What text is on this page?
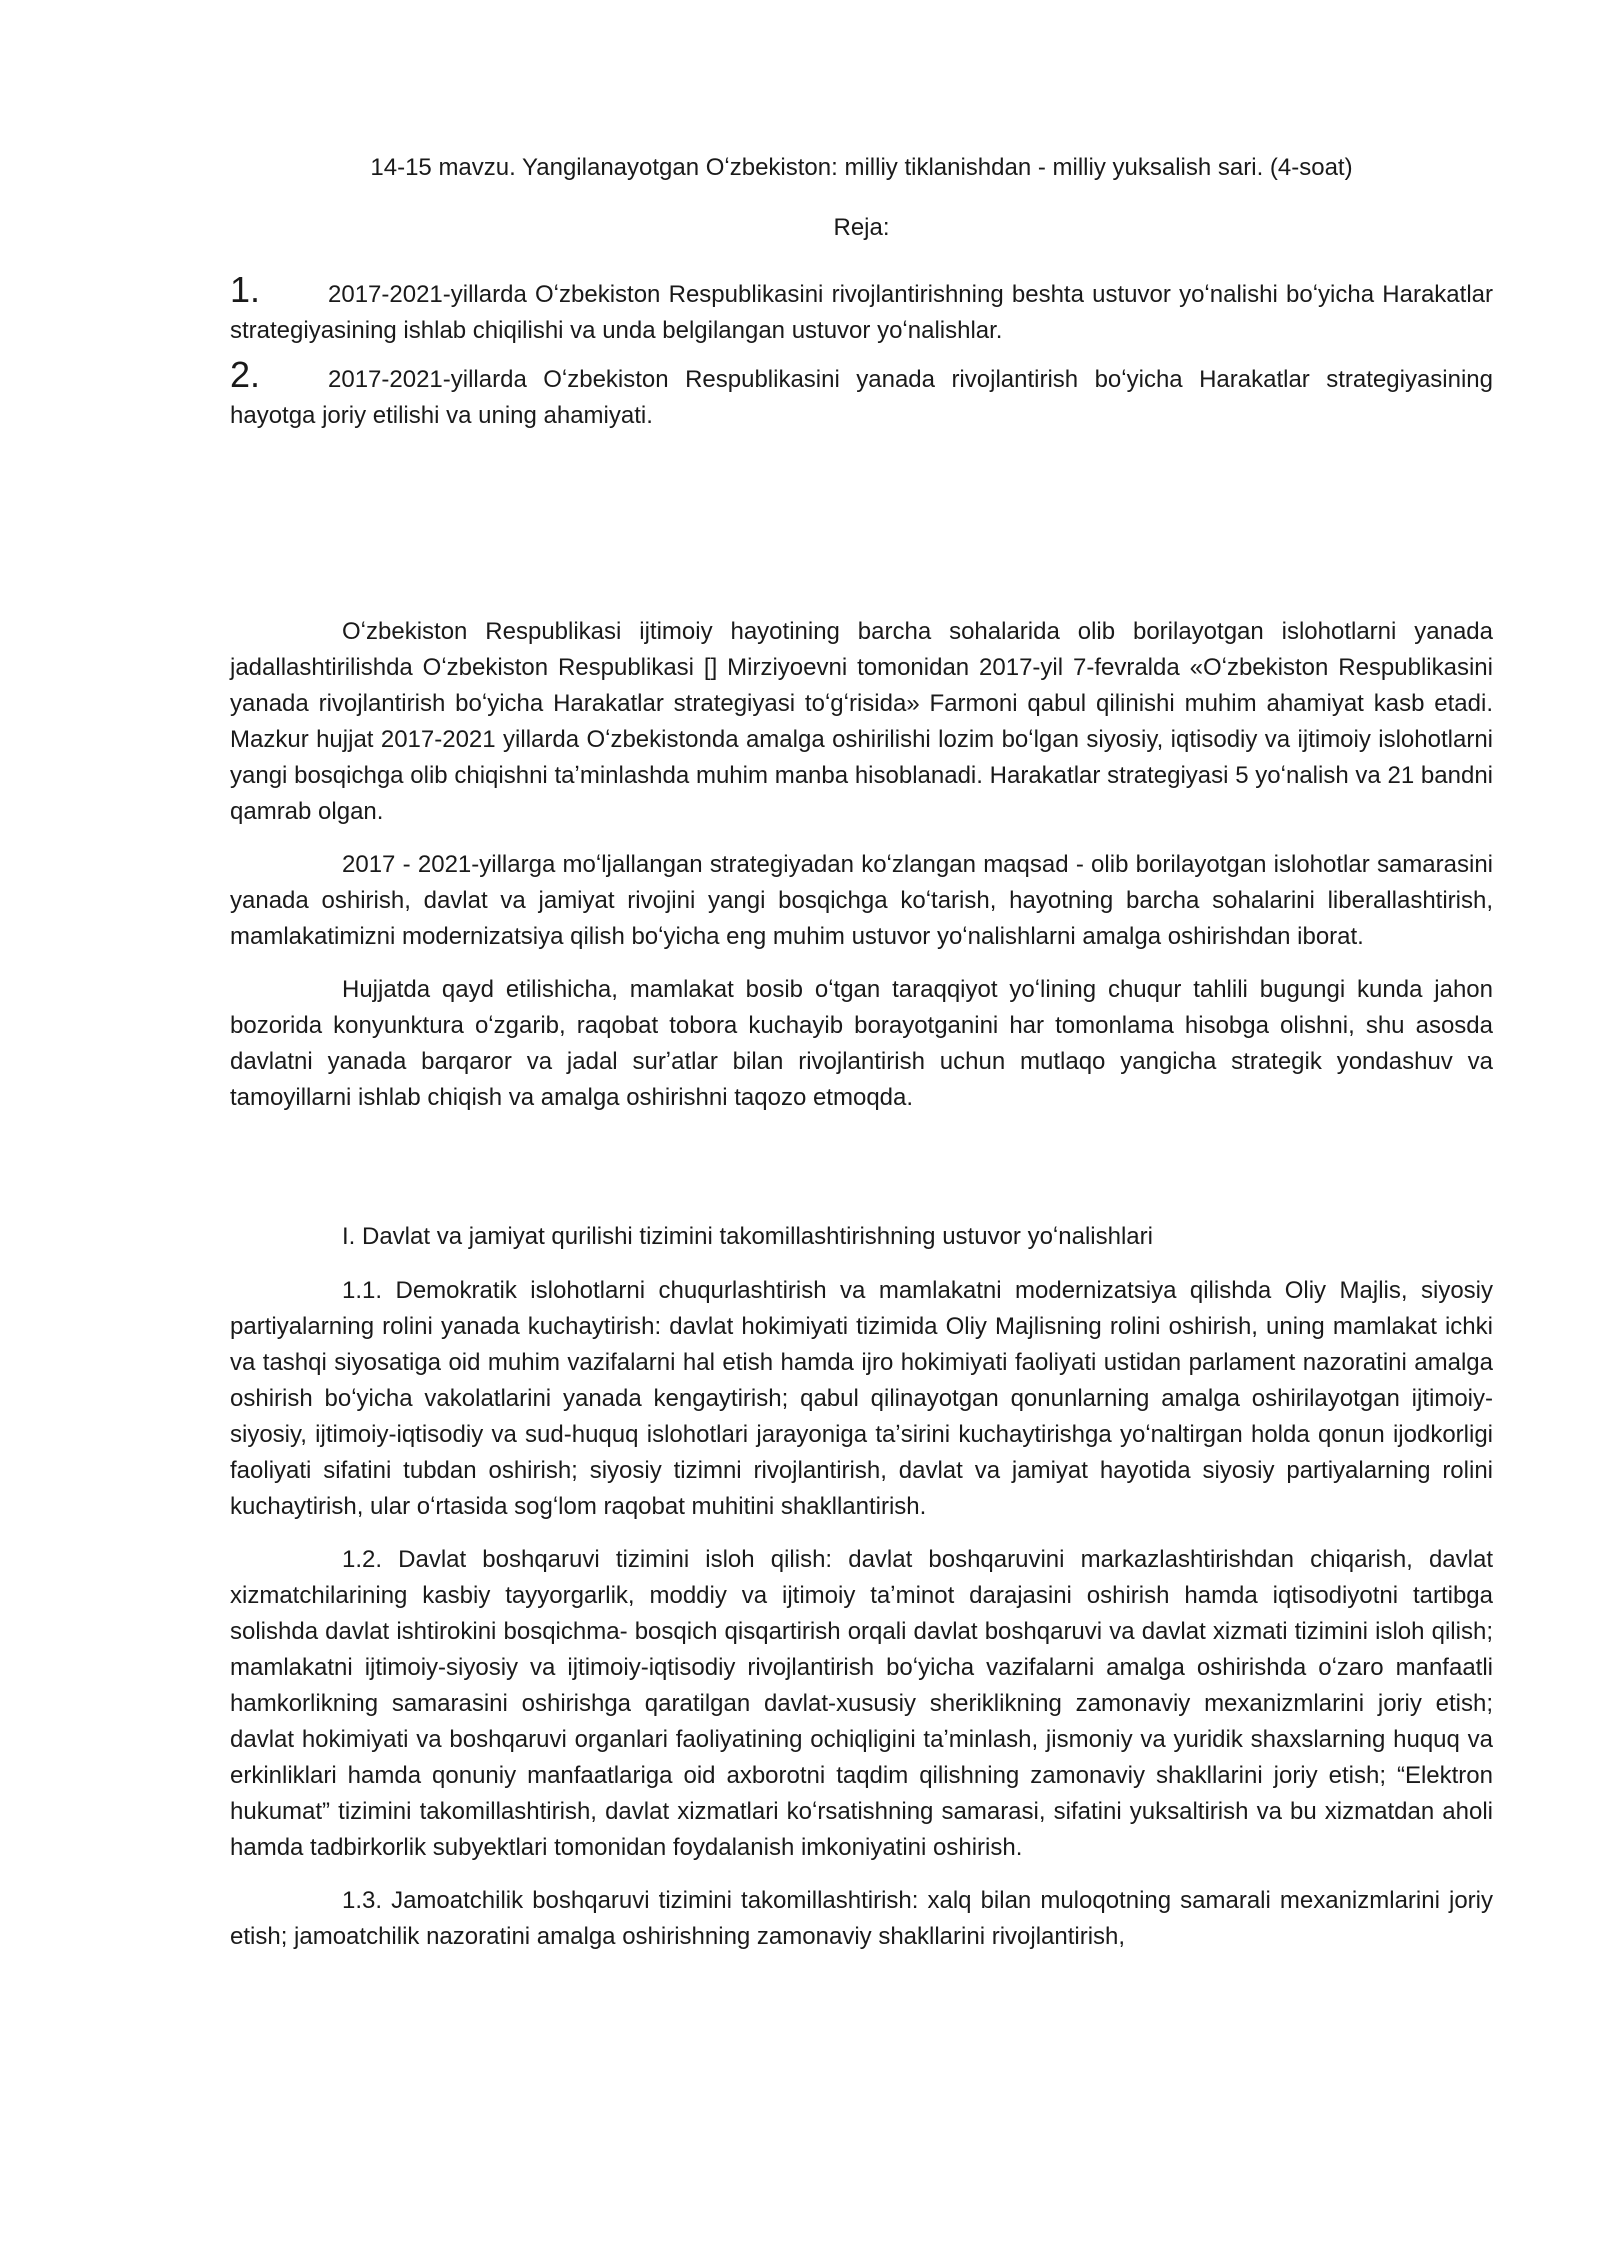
14-15 mavzu. Yangilanayotgan Oʻzbekiston: milliy tiklanishdan - milliy yuksalish sari. (4-soat)

Reja:

1.	2017-2021-yillarda Oʻzbekiston Respublikasini rivojlantirishning beshta ustuvor yoʻnalishi boʻyicha Harakatlar strategiyasining ishlab chiqilishi va unda belgilangan ustuvor yoʻnalishlar.

2.	2017-2021-yillarda Oʻzbekiston Respublikasini yanada rivojlantirish boʻyicha Harakatlar strategiyasining hayotga joriy etilishi va uning ahamiyati.

Oʻzbekiston Respublikasi ijtimoiy hayotining barcha sohalarida olib borilayotgan islohotlarni yanada jadallashtirilishda Oʻzbekiston Respublikasi [] Mirziyoevni tomonidan 2017-yil 7-fevralda «Oʻzbekiston Respublikasini yanada rivojlantirish boʻyicha Harakatlar strategiyasi toʻgʻrisida» Farmoni qabul qilinishi muhim ahamiyat kasb etadi. Mazkur hujjat 2017-2021 yillarda Oʻzbekistonda amalga oshirilishi lozim boʻlgan siyosiy, iqtisodiy va ijtimoiy islohotlarni yangi bosqichga olib chiqishni taʼminlashda muhim manba hisoblanadi. Harakatlar strategiyasi 5 yoʻnalish va 21 bandni qamrab olgan.

2017 - 2021-yillarga moʻljallangan strategiyadan koʻzlangan maqsad - olib borilayotgan islohotlar samarasini yanada oshirish, davlat va jamiyat rivojini yangi bosqichga koʻtarish, hayotning barcha sohalarini liberallashtirish, mamlakatimizni modernizatsiya qilish boʻyicha eng muhim ustuvor yoʻnalishlarni amalga oshirishdan iborat.

Hujjatda qayd etilishicha, mamlakat bosib oʻtgan taraqqiyot yoʻlining chuqur tahlili bugungi kunda jahon bozorida konyunktura oʻzgarib, raqobat tobora kuchayib borayotganini har tomonlama hisobga olishni, shu asosda davlatni yanada barqaror va jadal surʼatlar bilan rivojlantirish uchun mutlaqo yangicha strategik yondashuv va tamoyillarni ishlab chiqish va amalga oshirishni taqozo etmoqda.

I. Davlat va jamiyat qurilishi tizimini takomillashtirishning ustuvor yoʻnalishlari

1.1. Demokratik islohotlarni chuqurlashtirish va mamlakatni modernizatsiya qilishda Oliy Majlis, siyosiy partiyalarning rolini yanada kuchaytirish: davlat hokimiyati tizimida Oliy Majlisning rolini oshirish, uning mamlakat ichki va tashqi siyosatiga oid muhim vazifalarni hal etish hamda ijro hokimiyati faoliyati ustidan parlament nazoratini amalga oshirish boʻyicha vakolatlarini yanada kengaytirish; qabul qilinayotgan qonunlarning amalga oshirilayotgan ijtimoiy-siyosiy, ijtimoiy-iqtisodiy va sud-huquq islohotlari jarayoniga taʼsirini kuchaytirishga yoʻnaltirgan holda qonun ijodkorligi faoliyati sifatini tubdan oshirish; siyosiy tizimni rivojlantirish, davlat va jamiyat hayotida siyosiy partiyalarning rolini kuchaytirish, ular oʻrtasida sogʻlom raqobat muhitini shakllantirish.

1.2. Davlat boshqaruvi tizimini isloh qilish: davlat boshqaruvini markazlashtirishdan chiqarish, davlat xizmatchilarining kasbiy tayyorgarlik, moddiy va ijtimoiy taʼminot darajasini oshirish hamda iqtisodiyotni tartibga solishda davlat ishtirokini bosqichma- bosqich qisqartirish orqali davlat boshqaruvi va davlat xizmati tizimini isloh qilish; mamlakatni ijtimoiy-siyosiy va ijtimoiy-iqtisodiy rivojlantirish boʻyicha vazifalarni amalga oshirishda oʻzaro manfaatli hamkorlikning samarasini oshirishga qaratilgan davlat-xususiy sheriklikning zamonaviy mexanizmlarini joriy etish; davlat hokimiyati va boshqaruvi organlari faoliyatining ochiqligini taʼminlash, jismoniy va yuridik shaxslarning huquq va erkinliklari hamda qonuniy manfaatlariga oid axborotni taqdim qilishning zamonaviy shakllarini joriy etish; “Elektron hukumat” tizimini takomillashtirish, davlat xizmatlari koʻrsatishning samarasi, sifatini yuksaltirish va bu xizmatdan aholi hamda tadbirkorlik subyektlari tomonidan foydalanish imkoniyatini oshirish.

1.3. Jamoatchilik boshqaruvi tizimini takomillashtirish: xalq bilan muloqotning samarali mexanizmlarini joriy etish; jamoatchilik nazoratini amalga oshirishning zamonaviy shakllarini rivojlantirish,
